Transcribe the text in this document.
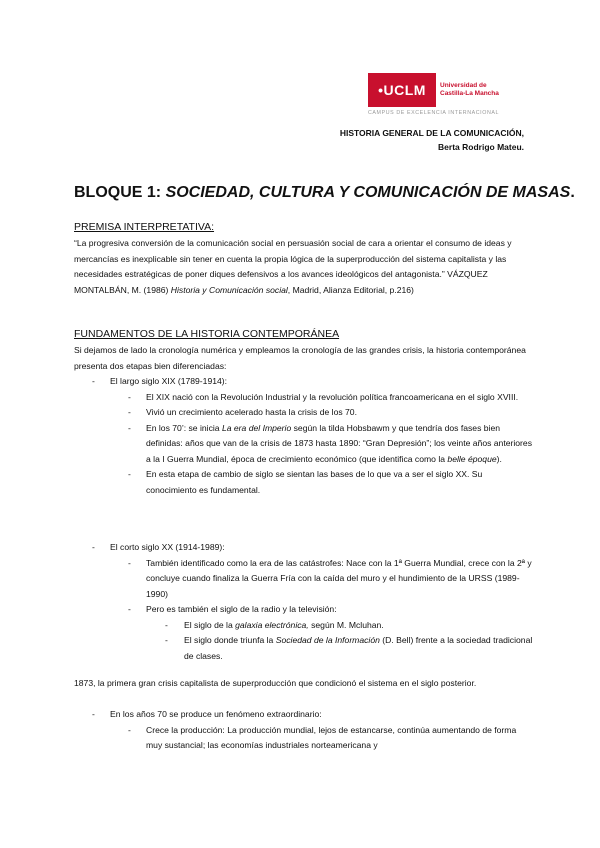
•UCLM	Universidad de
Castilla-La Mancha
CAMPUS DE EXCELENCIA INTERNACIONAL
HISTORIA GENERAL DE LA COMUNICACIÓN,
Berta Rodrigo Mateu.
BLOQUE 1: SOCIEDAD, CULTURA Y COMUNICACIÓN DE MASAS.
PREMISA INTERPRETATIVA:
“La progresiva conversión de la comunicación social en persuasión social de cara a orientar el consumo de ideas y mercancías es inexplicable sin tener en cuenta la propia lógica de la superproducción del sistema capitalista y las necesidades estratégicas de poner diques defensivos a los avances ideológicos del antagonista.” VÁZQUEZ MONTALBÁN, M. (1986) Historia y Comunicación social, Madrid, Alianza Editorial, p.216)
FUNDAMENTOS DE LA HISTORIA CONTEMPORÁNEA
Si dejamos de lado la cronología numérica y empleamos la cronología de las grandes crisis, la historia contemporánea presenta dos etapas bien diferenciadas:
- El largo siglo XIX (1789-1914):
- El XIX nació con la Revolución Industrial y la revolución política francoamericana en el siglo XVIII.
- Vivió un crecimiento acelerado hasta la crisis de los 70.
- En los 70’: se inicia La era del Imperio según la tilda Hobsbawm y que tendría dos fases bien definidas: años que van de la crisis de 1873 hasta 1890: “Gran Depresión”; los veinte años anteriores a la I Guerra Mundial, época de crecimiento económico (que identifica como la belle époque).
- En esta etapa de cambio de siglo se sientan las bases de lo que va a ser el siglo XX. Su conocimiento es fundamental.
- El corto siglo XX (1914-1989):
- También identificado como la era de las catástrofes: Nace con la 1ª Guerra Mundial, crece con la 2ª y concluye cuando finaliza la Guerra Fría con la caída del muro y el hundimiento de la URSS (1989-1990)
- Pero es también el siglo de la radio y la televisión:
- El siglo de la galaxia electrónica, según M. Mcluhan.
- El siglo donde triunfa la Sociedad de la Información (D. Bell) frente a la sociedad tradicional de clases.
1873, la primera gran crisis capitalista de superproducción que condicionó el sistema en el siglo posterior.
- En los años 70 se produce un fenómeno extraordinario:
- Crece la producción: La producción mundial, lejos de estancarse, continúa aumentando de forma muy sustancial; las economías industriales norteamericana y
